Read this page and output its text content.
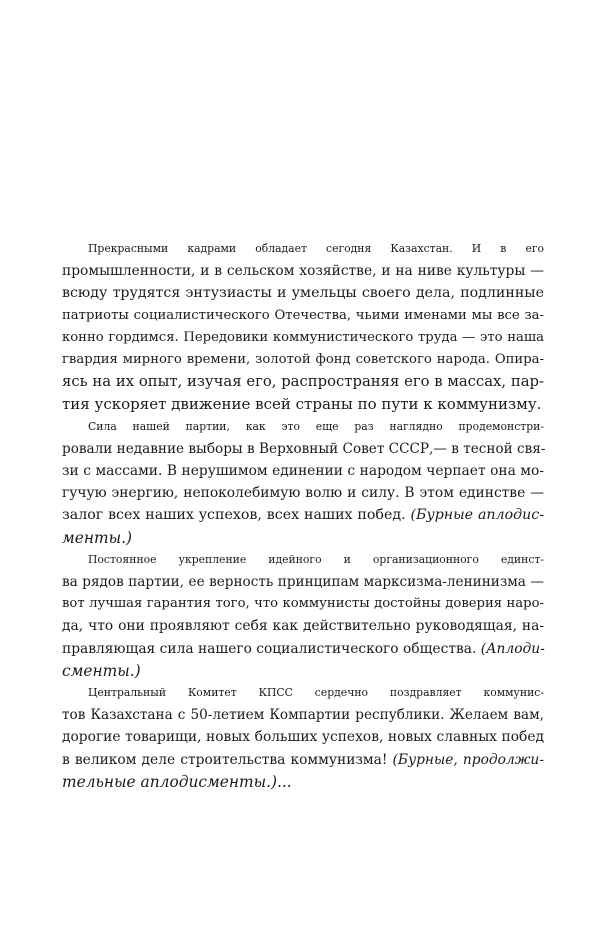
Прекрасными кадрами обладает сегодня Казахстан. И в его
промышленности, и в сельском хозяйстве, и на ниве культуры —
всюду трудятся энтузиасты и умельцы своего дела, подлинные
патриоты социалистического Отечества, чьими именами мы все за-
конно гордимся. Передовики коммунистического труда — это наша
гвардия мирного времени, золотой фонд советского народа. Опира-
ясь на их опыт, изучая его, распространяя его в массах, пар-
тия ускоряет движение всей страны по пути к коммунизму.

Сила нашей партии, как это еще раз наглядно продемонстри-
ровали недавние выборы в Верховный Совет СССР,— в тесной свя-
зи с массами. В нерушимом единении с народом черпает она мо-
гучую энергию, непоколебимую волю и силу. В этом единстве —
залог всех наших успехов, всех наших побед. (Бурные аплодис-
менты.)

Постоянное укрепление идейного и организационного единст-
ва рядов партии, ее верность принципам марксизма-ленинизма —
вот лучшая гарантия того, что коммунисты достойны доверия наро-
да, что они проявляют себя как действительно руководящая, на-
правляющая сила нашего социалистического общества. (Аплоди-
сменты.)

Центральный Комитет КПСС сердечно поздравляет коммунис-
тов Казахстана с 50-летием Компартии республики. Желаем вам,
дорогие товарищи, новых больших успехов, новых славных побед
в великом деле строительства коммунизма! (Бурные, продолжи-
тельные аплодисменты.)...
